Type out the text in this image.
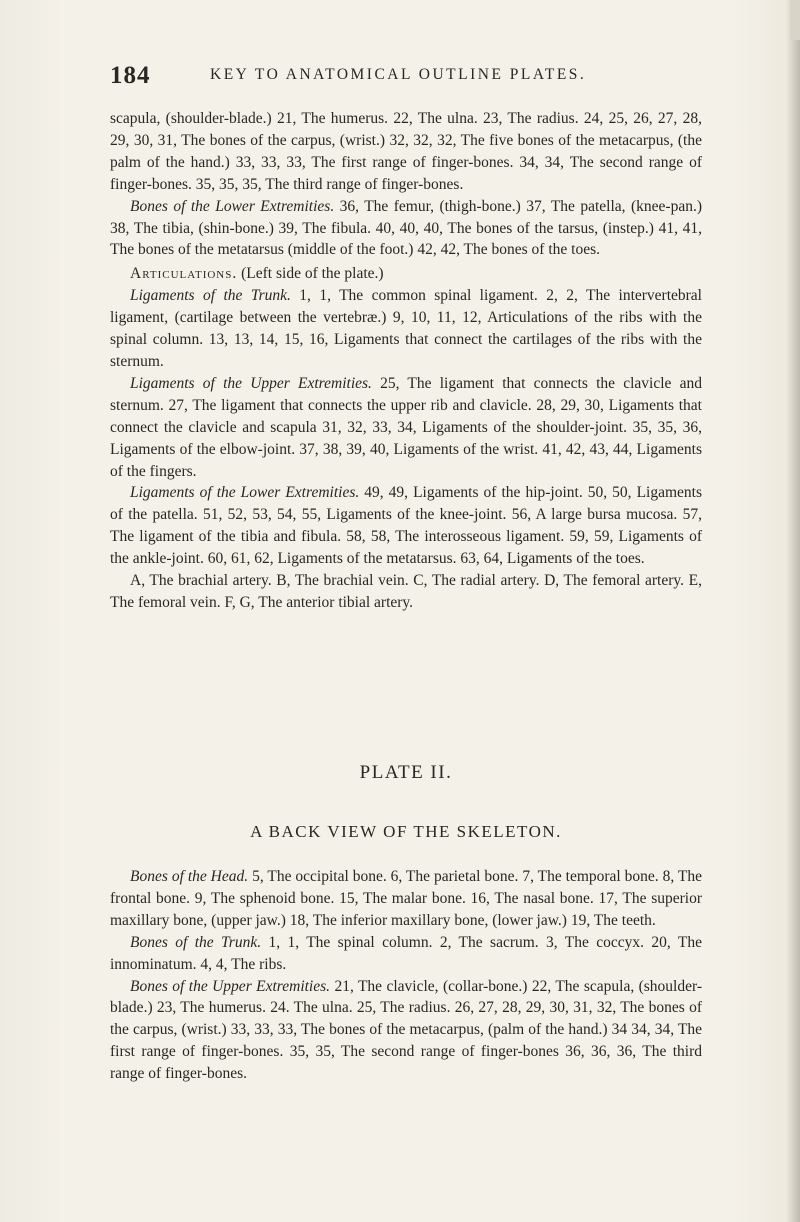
184	KEY TO ANATOMICAL OUTLINE PLATES.

scapula, (shoulder-blade.) 21, The humerus. 22, The ulna. 23, The radius. 24, 25, 26, 27, 28, 29, 30, 31, The bones of the carpus, (wrist.) 32, 32, 32, The five bones of the metacarpus, (the palm of the hand.) 33, 33, 33, The first range of finger-bones. 34, 34, The second range of finger-bones. 35, 35, 35, The third range of finger-bones.

Bones of the Lower Extremities. 36, The femur, (thigh-bone.) 37, The patella, (knee-pan.) 38, The tibia, (shin-bone.) 39, The fibula. 40, 40, 40, The bones of the tarsus, (instep.) 41, 41, The bones of the metatarsus (middle of the foot.) 42, 42, The bones of the toes.

Articulations. (Left side of the plate.)

Ligaments of the Trunk. 1, 1, The common spinal ligament. 2, 2, The intervertebral ligament, (cartilage between the vertebræ.) 9, 10, 11, 12, Articulations of the ribs with the spinal column. 13, 13, 14, 15, 16, Ligaments that connect the cartilages of the ribs with the sternum.

Ligaments of the Upper Extremities. 25, The ligament that connects the clavicle and sternum. 27, The ligament that connects the upper rib and clavicle. 28, 29, 30, Ligaments that connect the clavicle and scapula 31, 32, 33, 34, Ligaments of the shoulder-joint. 35, 35, 36, Ligaments of the elbow-joint. 37, 38, 39, 40, Ligaments of the wrist. 41, 42, 43, 44, Ligaments of the fingers.

Ligaments of the Lower Extremities. 49, 49, Ligaments of the hip-joint. 50, 50, Ligaments of the patella. 51, 52, 53, 54, 55, Ligaments of the knee-joint. 56, A large bursa mucosa. 57, The ligament of the tibia and fibula. 58, 58, The interosseous ligament. 59, 59, Ligaments of the ankle-joint. 60, 61, 62, Ligaments of the metatarsus. 63, 64, Ligaments of the toes.

A, The brachial artery. B, The brachial vein. C, The radial artery. D, The femoral artery. E, The femoral vein. F, G, The anterior tibial artery.

PLATE II.
A BACK VIEW OF THE SKELETON.

Bones of the Head. 5, The occipital bone. 6, The parietal bone. 7, The temporal bone. 8, The frontal bone. 9, The sphenoid bone. 15, The malar bone. 16, The nasal bone. 17, The superior maxillary bone, (upper jaw.) 18, The inferior maxillary bone, (lower jaw.) 19, The teeth.

Bones of the Trunk. 1, 1, The spinal column. 2, The sacrum. 3, The coccyx. 20, The innominatum. 4, 4, The ribs.

Bones of the Upper Extremities. 21, The clavicle, (collar-bone.) 22, The scapula, (shoulder-blade.) 23, The humerus. 24. The ulna. 25, The radius. 26, 27, 28, 29, 30, 31, 32, The bones of the carpus, (wrist.) 33, 33, 33, The bones of the metacarpus, (palm of the hand.) 34 34, 34, The first range of finger-bones. 35, 35, The second range of finger-bones 36, 36, 36, The third range of finger-bones.
